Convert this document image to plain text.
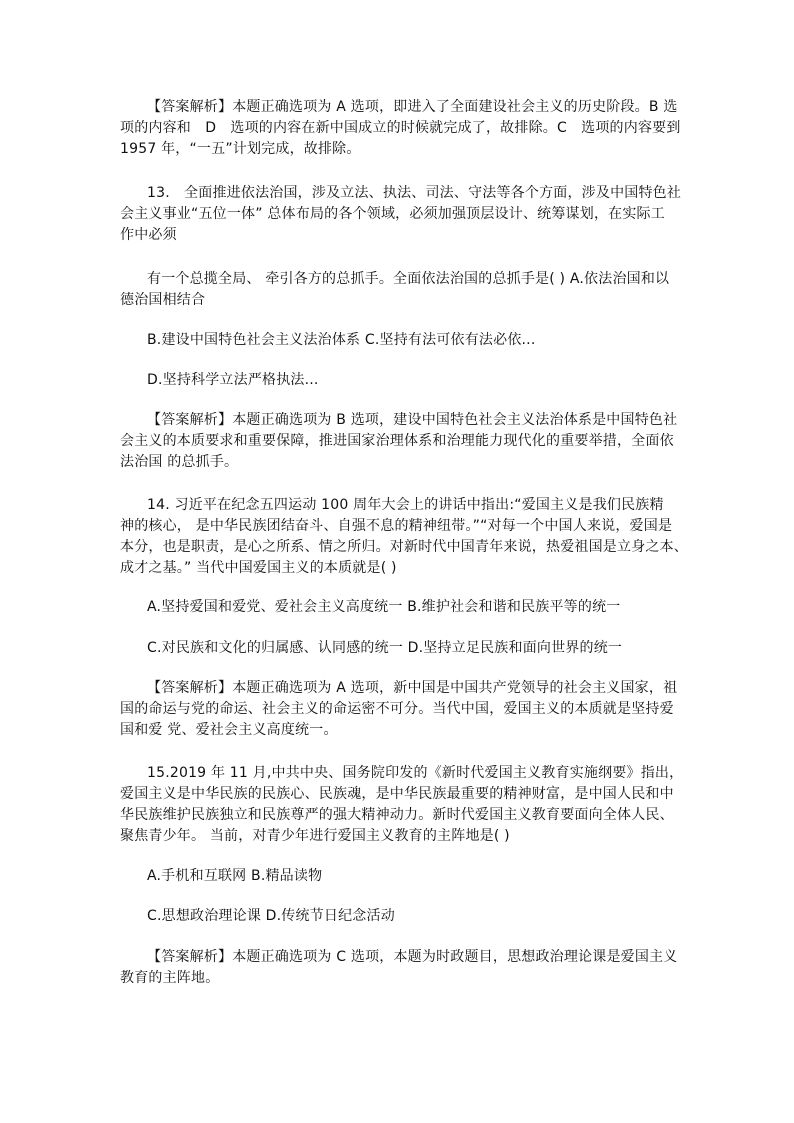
【答案解析】本题正确选项为 A 选项，即进入了全面建设社会主义的历史阶段。B 选
项的内容和　D　选项的内容在新中国成立的时候就完成了，故排除。C　选项的内容要到
1957 年，“一五”计划完成，故排除。
13.　全面推进依法治国，涉及立法、执法、司法、守法等各个方面，涉及中国特色社
会主义事业“五位一体” 总体布局的各个领域，必须加强顶层设计、统筹谋划，在实际工
作中必须
有一个总揽全局、 牵引各方的总抓手。全面依法治国的总抓手是( ) A.依法治国和以
德治国相结合
B.建设中国特色社会主义法治体系 C.坚持有法可依有法必依...
D.坚持科学立法严格执法...
【答案解析】本题正确选项为 B 选项，建设中国特色社会主义法治体系是中国特色社
会主义的本质要求和重要保障，推进国家治理体系和治理能力现代化的重要举措，全面依
法治国 的总抓手。
14. 习近平在纪念五四运动 100 周年大会上的讲话中指出:“爱国主义是我们民族精
神的核心， 是中华民族团结奋斗、自强不息的精神纽带。”“对每一个中国人来说，爱国是
本分，也是职责，是心之所系、情之所归。对新时代中国青年来说，热爱祖国是立身之本、
成才之基。” 当代中国爱国主义的本质就是( )
A.坚持爱国和爱党、爱社会主义高度统一 B.维护社会和谐和民族平等的统一
C.对民族和文化的归属感、认同感的统一 D.坚持立足民族和面向世界的统一
【答案解析】本题正确选项为 A 选项，新中国是中国共产党领导的社会主义国家，祖
国的命运与党的命运、社会主义的命运密不可分。当代中国，爱国主义的本质就是坚持爱
国和爱 党、爱社会主义高度统一。
15.2019 年 11 月,中共中央、国务院印发的《新时代爱国主义教育实施纲要》指出，
爱国主义是中华民族的民族心、民族魂，是中华民族最重要的精神财富，是中国人民和中
华民族维护民族独立和民族尊严的强大精神动力。新时代爱国主义教育要面向全体人民、
聚焦青少年。 当前，对青少年进行爱国主义教育的主阵地是( )
A.手机和互联网 B.精品读物
C.思想政治理论课 D.传统节日纪念活动
【答案解析】本题正确选项为 C 选项，本题为时政题目，思想政治理论课是爱国主义
教育的主阵地。
